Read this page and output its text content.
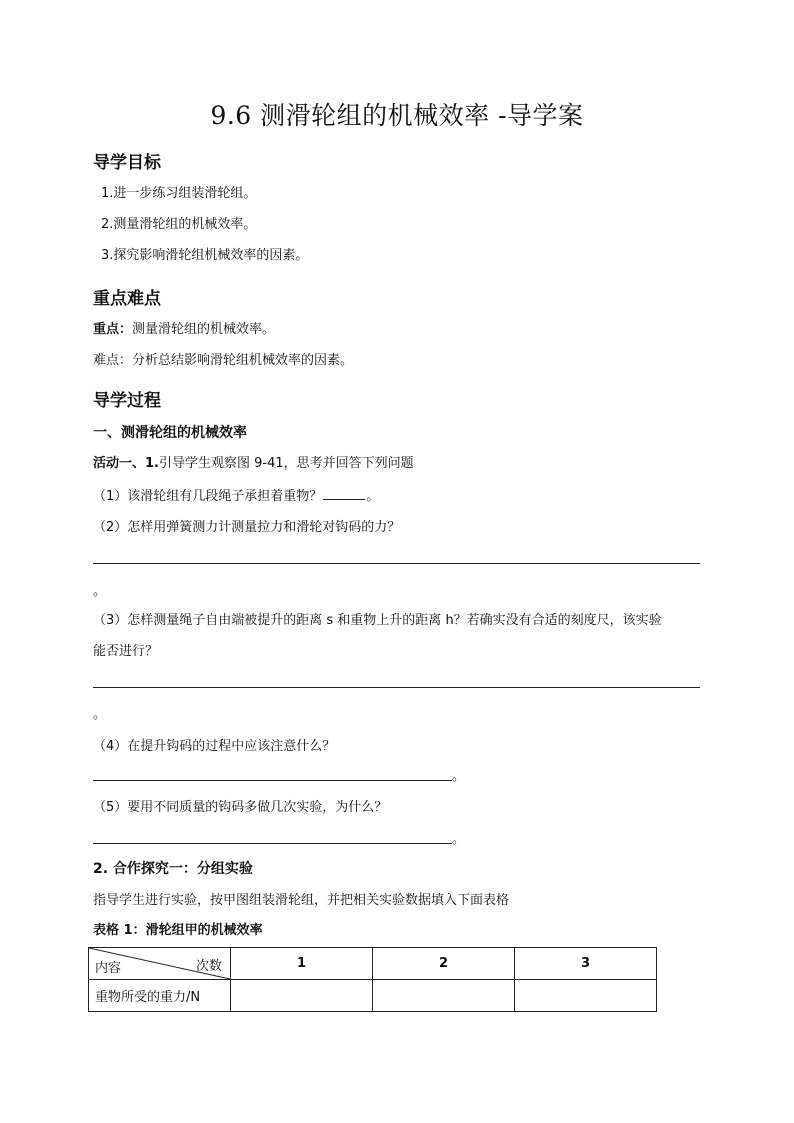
9.6 测滑轮组的机械效率 -导学案
导学目标
1.进一步练习组装滑轮组。
2.测量滑轮组的机械效率。
3.探究影响滑轮组机械效率的因素。
重点难点
重点：测量滑轮组的机械效率。
难点：分析总结影响滑轮组机械效率的因素。
导学过程
一、测滑轮组的机械效率
活动一、1.引导学生观察图 9-41，思考并回答下列问题
（1）该滑轮组有几段绳子承担着重物？	。
（2）怎样用弹簧测力计测量拉力和滑轮对钩码的力？
。
（3）怎样测量绳子自由端被提升的距离 s 和重物上升的距离 h？若确实没有合适的刻度尺，该实验
能否进行？
。
（4）在提升钩码的过程中应该注意什么？
。
（5）要用不同质量的钩码多做几次实验，为什么？
。
2. 合作探究一：分组实验
指导学生进行实验，按甲图组装滑轮组，并把相关实验数据填入下面表格
表格 1：滑轮组甲的机械效率
内容 次数	1	2	3
重物所受的重力/N			
